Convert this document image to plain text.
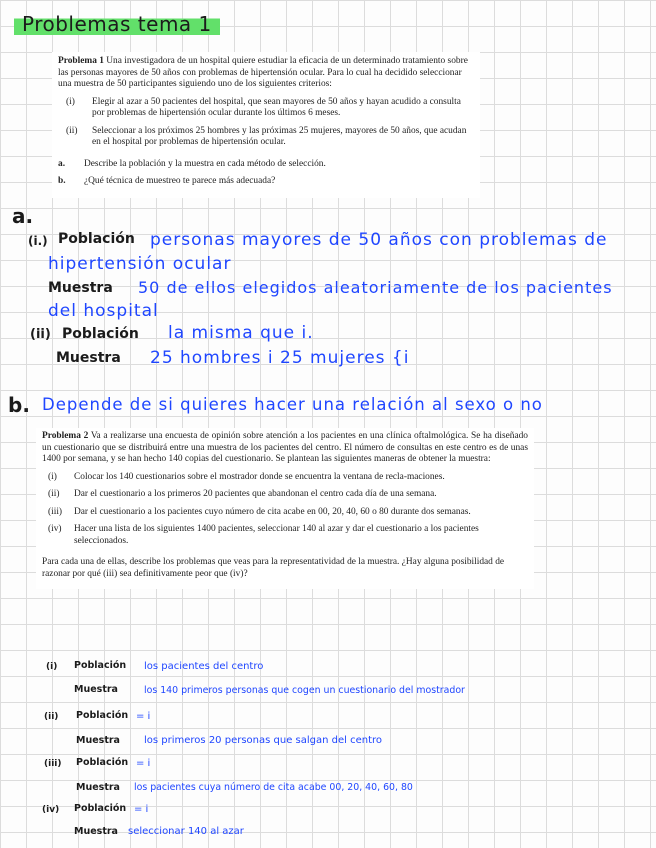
Problemas tema 1

Problema 1 Una investigadora de un hospital quiere estudiar la eficacia de un determinado tratamiento sobre las personas mayores de 50 años con problemas de hipertensión ocular. Para lo cual ha decidido seleccionar una muestra de 50 participantes siguiendo uno de los siguientes criterios:

(i)	Elegir al azar a 50 pacientes del hospital, que sean mayores de 50 años y hayan acudido a consulta por problemas de hipertensión ocular durante los últimos 6 meses.
(ii)	Seleccionar a los próximos 25 hombres y las próximas 25 mujeres, mayores de 50 años, que acudan en el hospital por problemas de hipertensión ocular.
a.	Describe la población y la muestra en cada método de selección.
b.	¿Qué técnica de muestreo te parece más adecuada?
a.
(i.) Población personas mayores de 50 años con problemas de
hipertensión ocular
Muestra 50 de ellos elegidos aleatoriamente de los pacientes
del hospital
(ii) Población la misma que i.
Muestra 25 hombres i 25 mujeres {i
b. Depende de si quieres hacer una relación al sexo o no

Problema 2 Va a realizarse una encuesta de opinión sobre atención a los pacientes en una clínica oftalmológica. Se ha diseñado un cuestionario que se distribuirá entre una muestra de los pacientes del centro. El número de consultas en este centro es de unas 1400 por semana, y se han hecho 140 copias del cuestionario. Se plantean las siguientes maneras de obtener la muestra:

(i)	Colocar los 140 cuestionarios sobre el mostrador donde se encuentra la ventana de recla-maciones.
(ii)	Dar el cuestionario a los primeros 20 pacientes que abandonan el centro cada día de una semana.
(iii)	Dar el cuestionario a los pacientes cuyo número de cita acabe en 00, 20, 40, 60 o 80 durante dos semanas.
(iv)	Hacer una lista de los siguientes 1400 pacientes, seleccionar 140 al azar y dar el cuestionario a los pacientes seleccionados.

Para cada una de ellas, describe los problemas que veas para la representatividad de la muestra. ¿Hay alguna posibilidad de razonar por qué (iii) sea definitivamente peor que (iv)?

(i) Población los pacientes del centro
Muestra	los 140 primeros personas que cogen un cuestionario del mostrador
(ii) Población = i
Muestra los primeros 20 personas que salgan del centro
(iii) Población = i
Muestra los pacientes cuya número de cita acabe 00, 20, 40, 60, 80
(iv) Población = i
Muestra seleccionar 140 al azar
